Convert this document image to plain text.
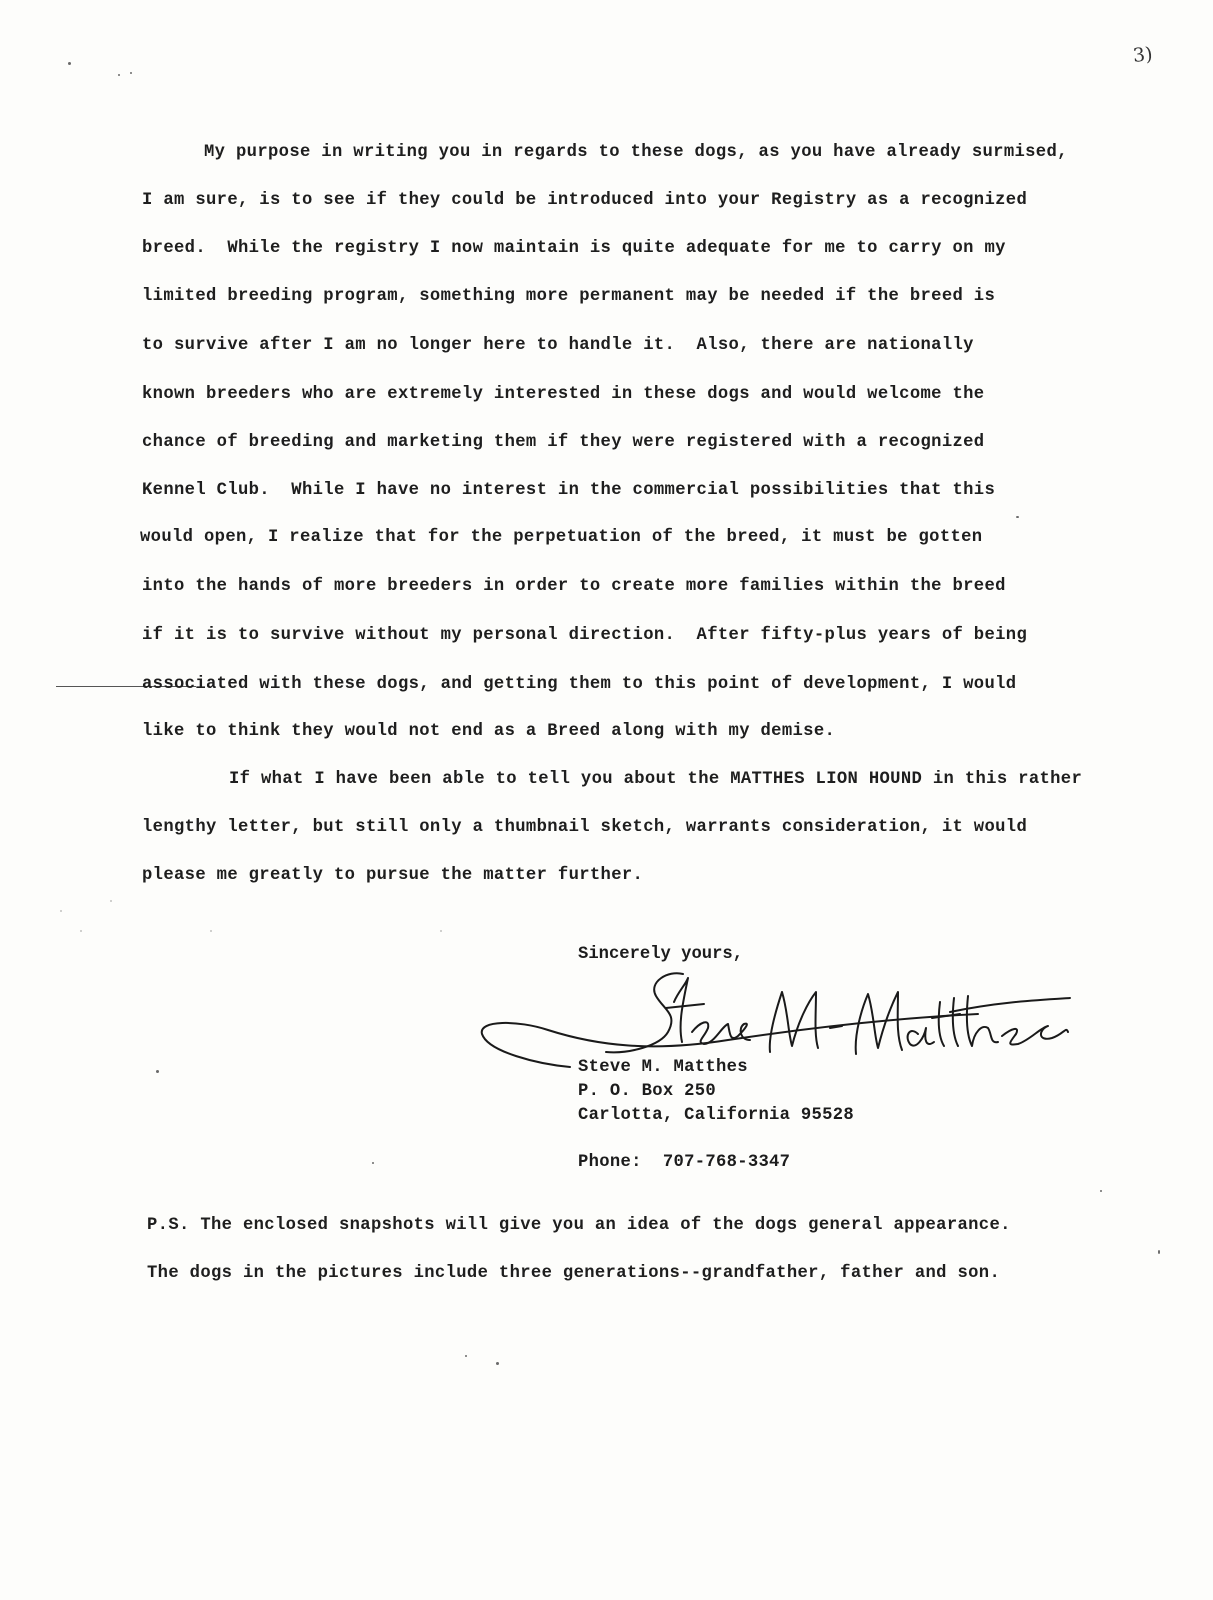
3)
My purpose in writing you in regards to these dogs, as you have already surmised,
I am sure, is to see if they could be introduced into your Registry as a recognized
breed.  While the registry I now maintain is quite adequate for me to carry on my
limited breeding program, something more permanent may be needed if the breed is
to survive after I am no longer here to handle it.  Also, there are nationally
known breeders who are extremely interested in these dogs and would welcome the
chance of breeding and marketing them if they were registered with a recognized
Kennel Club.  While I have no interest in the commercial possibilities that this
would open, I realize that for the perpetuation of the breed, it must be gotten
into the hands of more breeders in order to create more families within the breed
if it is to survive without my personal direction.  After fifty-plus years of being
associated with these dogs, and getting them to this point of development, I would
like to think they would not end as a Breed along with my demise.
If what I have been able to tell you about the MATTHES LION HOUND in this rather
lengthy letter, but still only a thumbnail sketch, warrants consideration, it would
please me greatly to pursue the matter further.
Sincerely yours,
Steve M. Matthes
P. O. Box 250
Carlotta, California 95528
Phone:  707-768-3347
P.S. The enclosed snapshots will give you an idea of the dogs general appearance.
The dogs in the pictures include three generations--grandfather, father and son.
